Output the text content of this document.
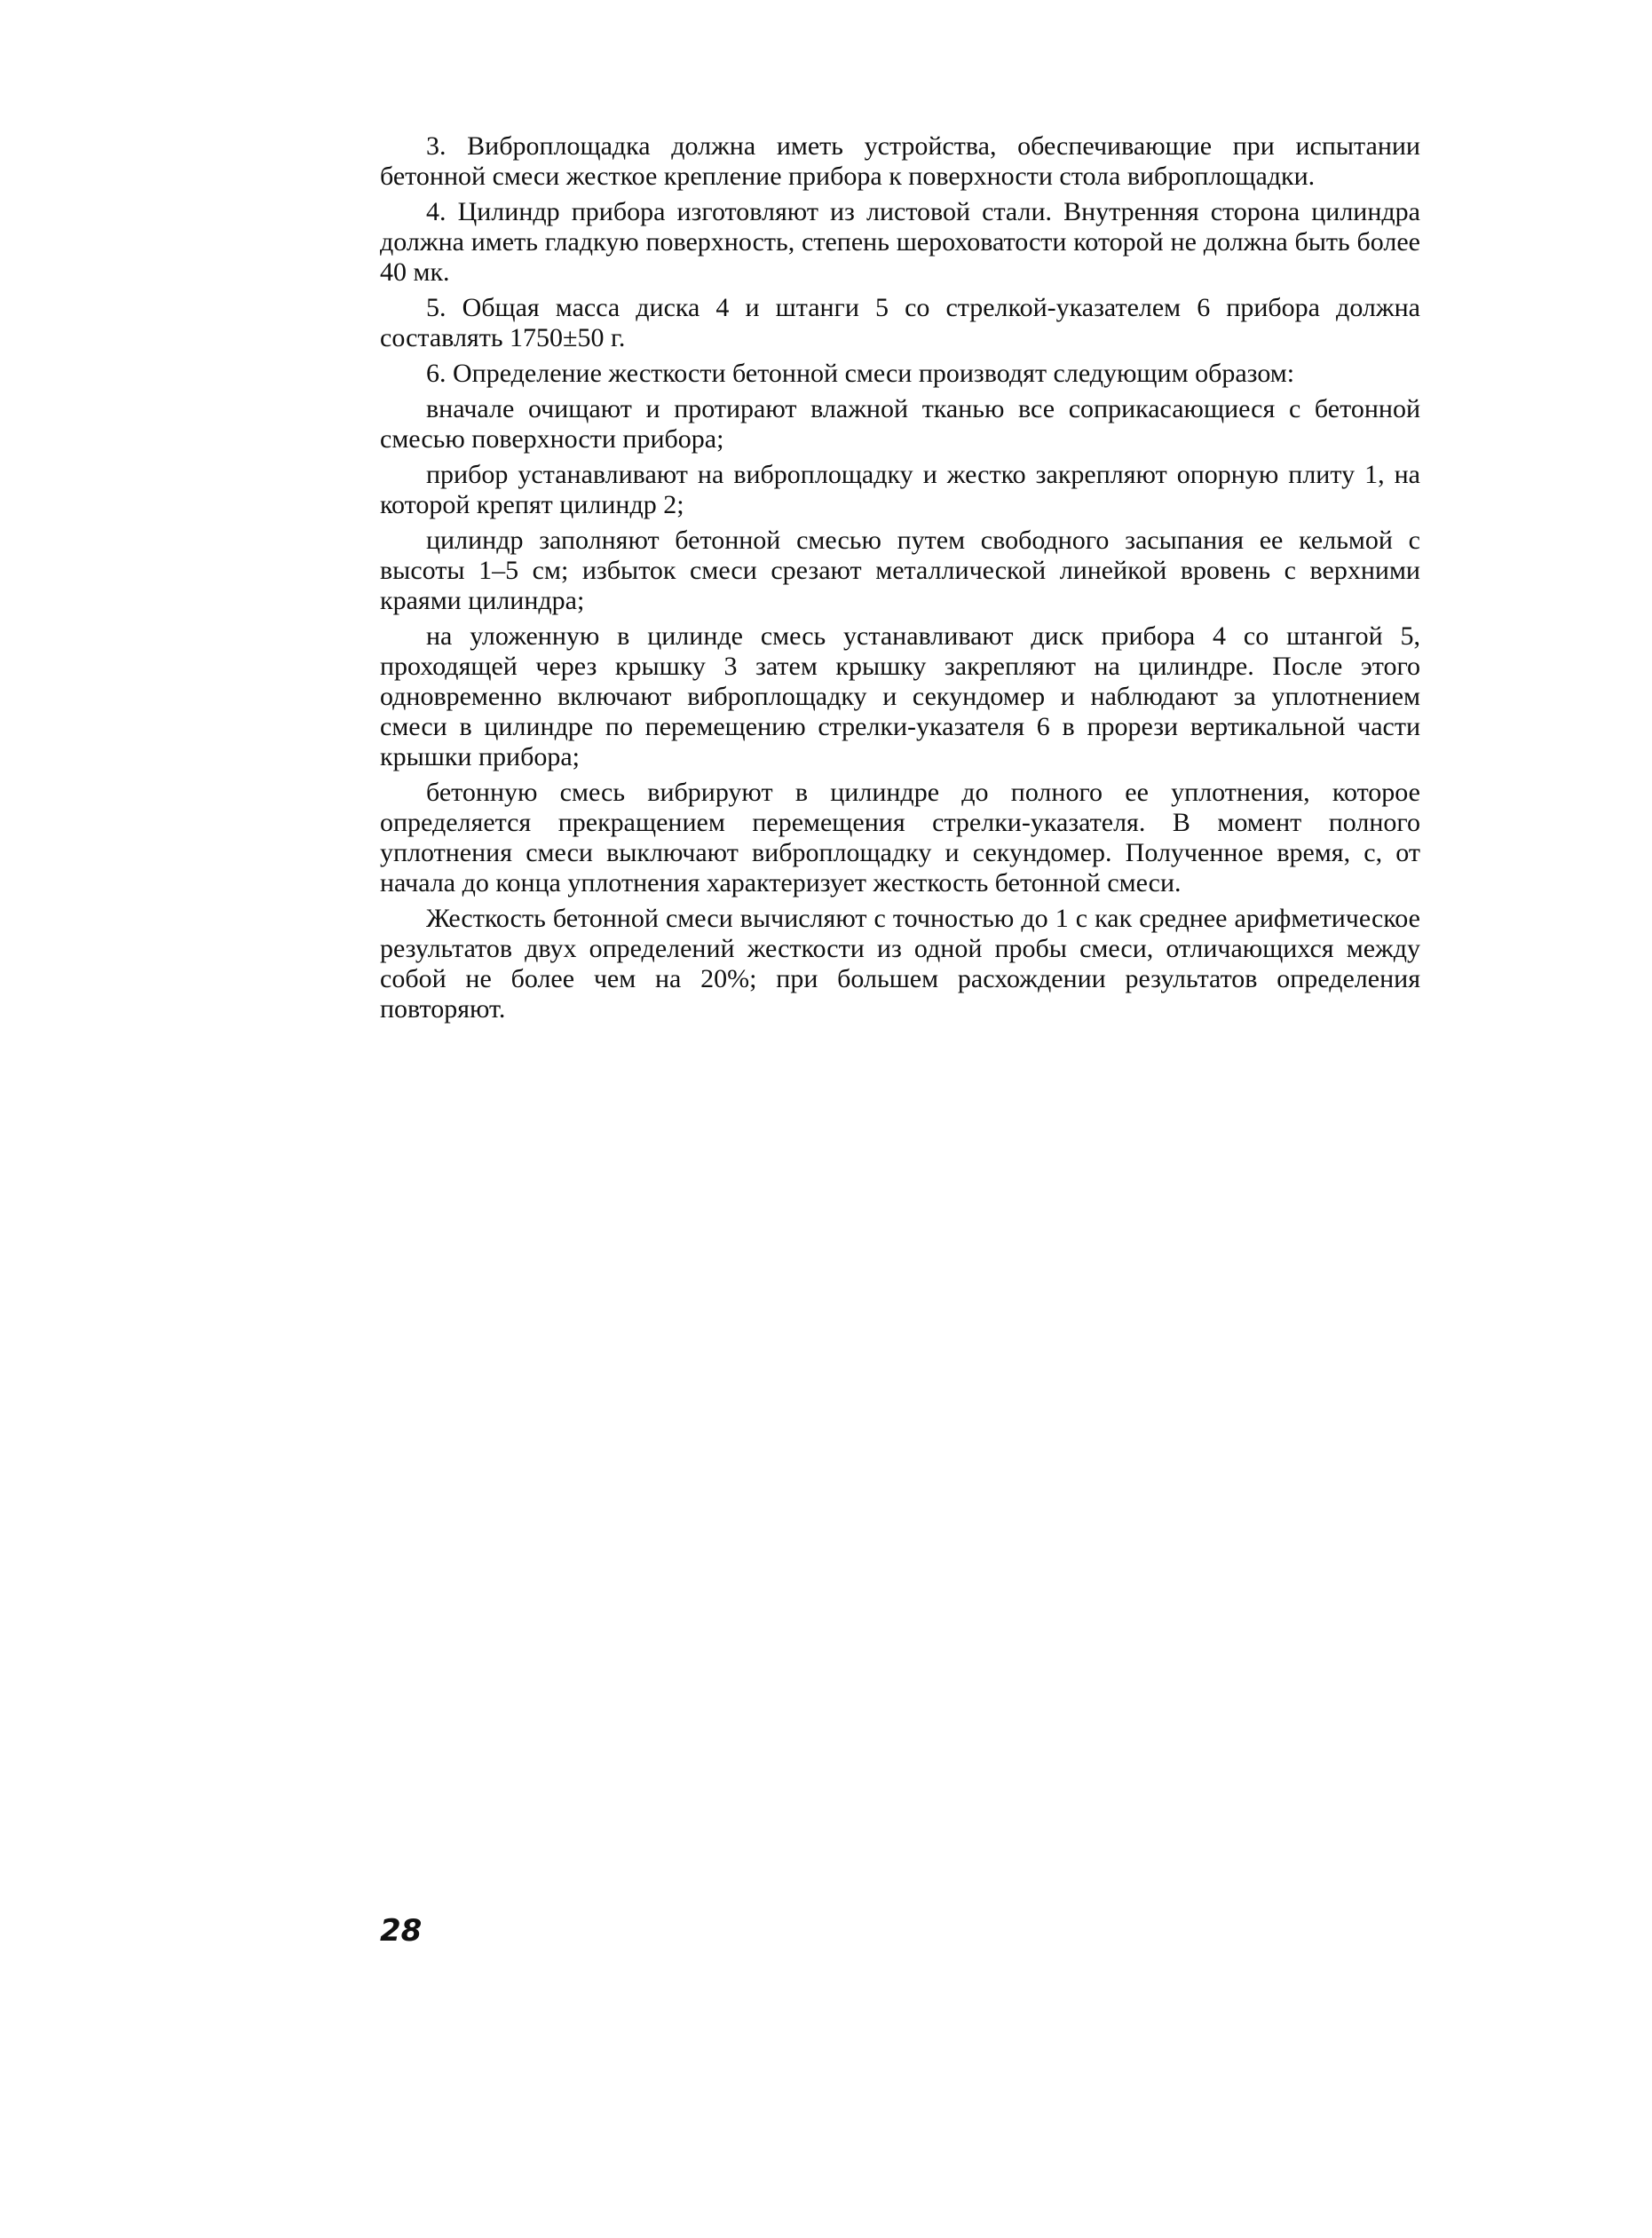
3. Виброплощадка должна иметь устройства, обеспечивающие при испытании бетонной смеси жесткое крепление прибора к поверхности стола виброплощадки.

4. Цилиндр прибора изготовляют из листовой стали. Внутренняя сторона цилиндра должна иметь гладкую поверхность, степень шероховатости которой не должна быть более 40 мк.

5. Общая масса диска 4 и штанги 5 со стрелкой-указателем 6 прибора должна составлять 1750±50 г.

6. Определение жесткости бетонной смеси производят следующим образом:

вначале очищают и протирают влажной тканью все соприкасающиеся с бетонной смесью поверхности прибора;

прибор устанавливают на виброплощадку и жестко закрепляют опорную плиту 1, на которой крепят цилиндр 2;

цилиндр заполняют бетонной смесью путем свободного засыпания ее кельмой с высоты 1–5 см; избыток смеси срезают металлической линейкой вровень с верхними краями цилиндра;

на уложенную в цилинде смесь устанавливают диск прибора 4 со штангой 5, проходящей через крышку 3 затем крышку закрепляют на цилиндре. После этого одновременно включают виброплощадку и секундомер и наблюдают за уплотнением смеси в цилиндре по перемещению стрелки-указателя 6 в прорези вертикальной части крышки прибора;

бетонную смесь вибрируют в цилиндре до полного ее уплотнения, которое определяется прекращением перемещения стрелки-указателя. В момент полного уплотнения смеси выключают виброплощадку и секундомер. Полученное время, с, от начала до конца уплотнения характеризует жесткость бетонной смеси.

Жесткость бетонной смеси вычисляют с точностью до 1 с как среднее арифметическое результатов двух определений жесткости из одной пробы смеси, отличающихся между собой не более чем на 20%; при большем расхождении результатов определения повторяют.

28
